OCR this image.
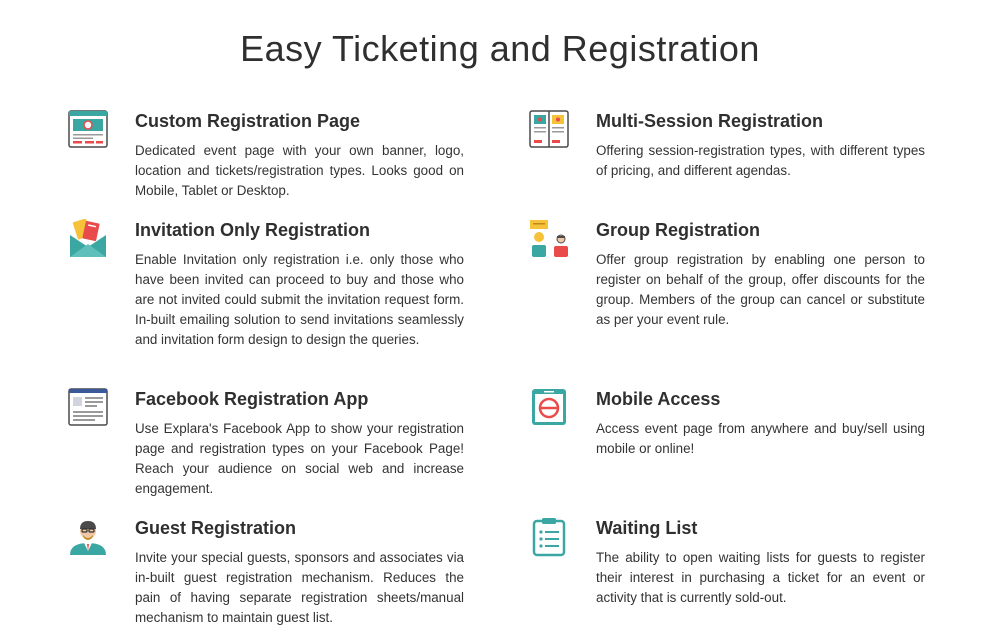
Easy Ticketing and Registration
Custom Registration Page

Dedicated event page with your own banner, logo, location and tickets/registration types. Looks good on Mobile, Tablet or Desktop.

Multi-Session Registration

Offering session-registration types, with different types of pricing, and different agendas.

Invitation Only Registration

Enable Invitation only registration i.e. only those who have been invited can proceed to buy and those who are not invited could submit the invitation request form. In-built emailing solution to send invitations seamlessly and invitation form design to design the queries.

Group Registration

Offer group registration by enabling one person to register on behalf of the group, offer discounts for the group. Members of the group can cancel or substitute as per your event rule.

Facebook Registration App

Use Explara's Facebook App to show your registration page and registration types on your Facebook Page! Reach your audience on social web and increase engagement.

Mobile Access

Access event page from anywhere and buy/sell using mobile or online!

Guest Registration

Invite your special guests, sponsors and associates via in-built guest registration mechanism. Reduces the pain of having separate registration sheets/manual mechanism to maintain guest list.

Waiting List

The ability to open waiting lists for guests to register their interest in purchasing a ticket for an event or activity that is currently sold-out.
